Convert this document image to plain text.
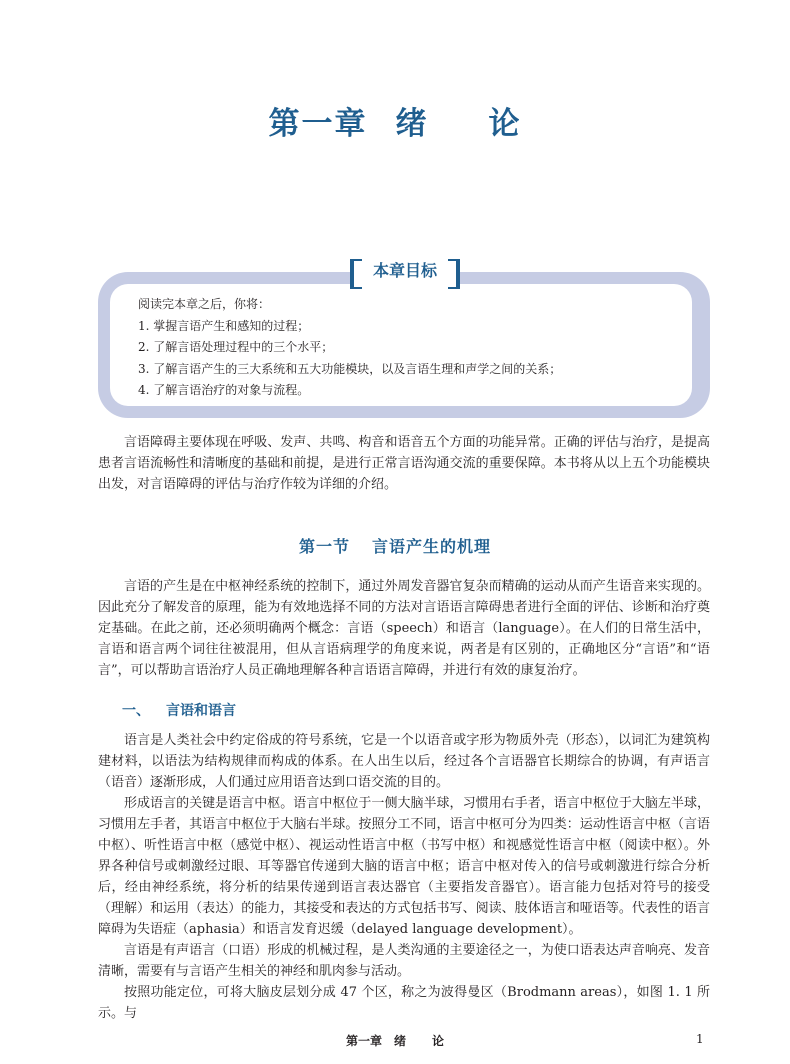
第一章 绪 论
本章目标
阅读完本章之后，你将：
1. 掌握言语产生和感知的过程；
2. 了解言语处理过程中的三个水平；
3. 了解言语产生的三大系统和五大功能模块，以及言语生理和声学之间的关系；
4. 了解言语治疗的对象与流程。

言语障碍主要体现在呼吸、发声、共鸣、构音和语音五个方面的功能异常。正确的评估与治疗，是提高患者言语流畅性和清晰度的基础和前提，是进行正常言语沟通交流的重要保障。本书将从以上五个功能模块出发，对言语障碍的评估与治疗作较为详细的介绍。

第一节 言语产生的机理

言语的产生是在中枢神经系统的控制下，通过外周发音器官复杂而精确的运动从而产生语音来实现的。因此充分了解发音的原理，能为有效地选择不同的方法对言语语言障碍患者进行全面的评估、诊断和治疗奠定基础。在此之前，还必须明确两个概念：言语（speech）和语言（language）。在人们的日常生活中，言语和语言两个词往往被混用，但从言语病理学的角度来说，两者是有区别的，正确地区分“言语”和“语言”，可以帮助言语治疗人员正确地理解各种言语语言障碍，并进行有效的康复治疗。

一、 言语和语言

语言是人类社会中约定俗成的符号系统，它是一个以语音或字形为物质外壳（形态），以词汇为建筑构建材料，以语法为结构规律而构成的体系。在人出生以后，经过各个言语器官长期综合的协调，有声语言（语音）逐渐形成，人们通过应用语音达到口语交流的目的。

形成语言的关键是语言中枢。语言中枢位于一侧大脑半球，习惯用右手者，语言中枢位于大脑左半球，习惯用左手者，其语言中枢位于大脑右半球。按照分工不同，语言中枢可分为四类：运动性语言中枢（言语中枢）、听性语言中枢（感觉中枢）、视运动性语言中枢（书写中枢）和视感觉性语言中枢（阅读中枢）。外界各种信号或刺激经过眼、耳等器官传递到大脑的语言中枢；语言中枢对传入的信号或刺激进行综合分析后，经由神经系统，将分析的结果传递到语言表达器官（主要指发音器官）。语言能力包括对符号的接受（理解）和运用（表达）的能力，其接受和表达的方式包括书写、阅读、肢体语言和哑语等。代表性的语言障碍为失语症（aphasia）和语言发育迟缓（delayed language development）。

言语是有声语言（口语）形成的机械过程，是人类沟通的主要途径之一，为使口语表达声音响亮、发音清晰，需要有与言语产生相关的神经和肌肉参与活动。

按照功能定位，可将大脑皮层划分成 47 个区，称之为波得曼区（Brodmann areas），如图 1. 1 所示。与

第一章 绪 论	1
